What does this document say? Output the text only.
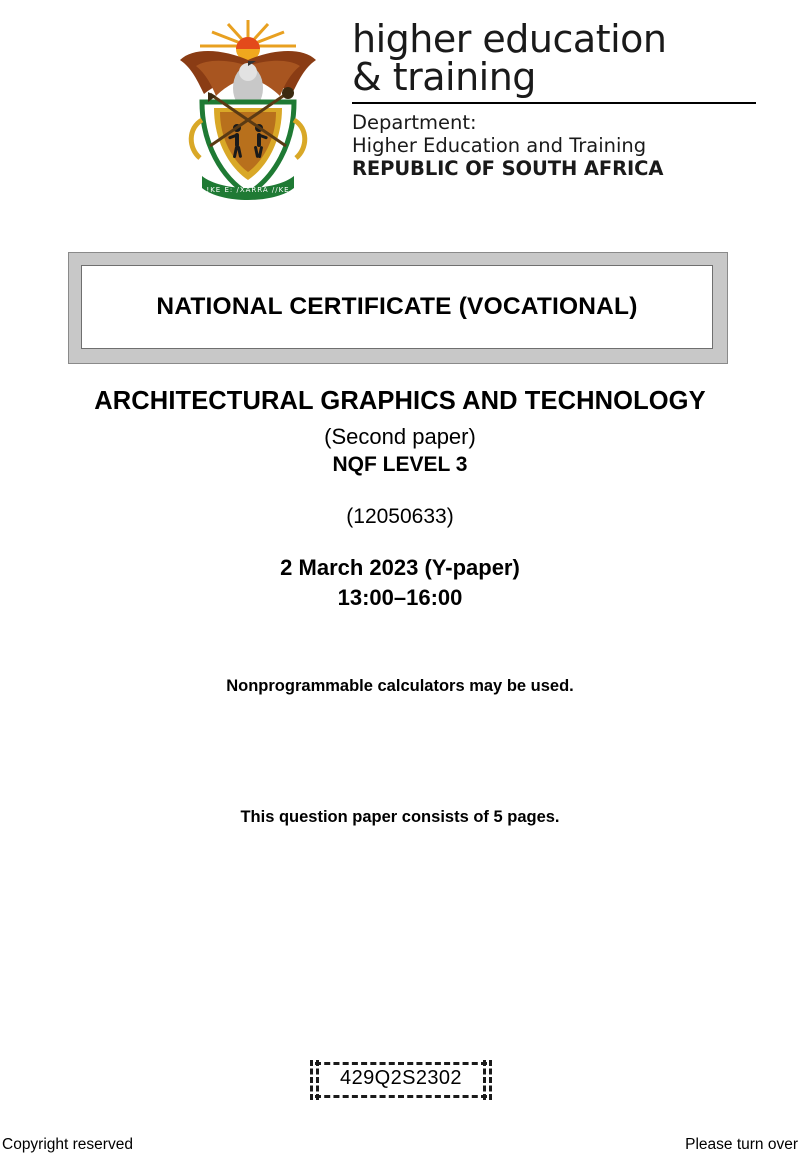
!KE E: /XARRA //KE
higher education
& training
Department:
Higher Education and Training
REPUBLIC OF SOUTH AFRICA
NATIONAL CERTIFICATE (VOCATIONAL)
ARCHITECTURAL GRAPHICS AND TECHNOLOGY
(Second paper)
NQF LEVEL 3
(12050633)
2 March 2023 (Y-paper)
13:00–16:00
Nonprogrammable calculators may be used.
This question paper consists of 5 pages.
429Q2S2302
Copyright reserved	Please turn over
